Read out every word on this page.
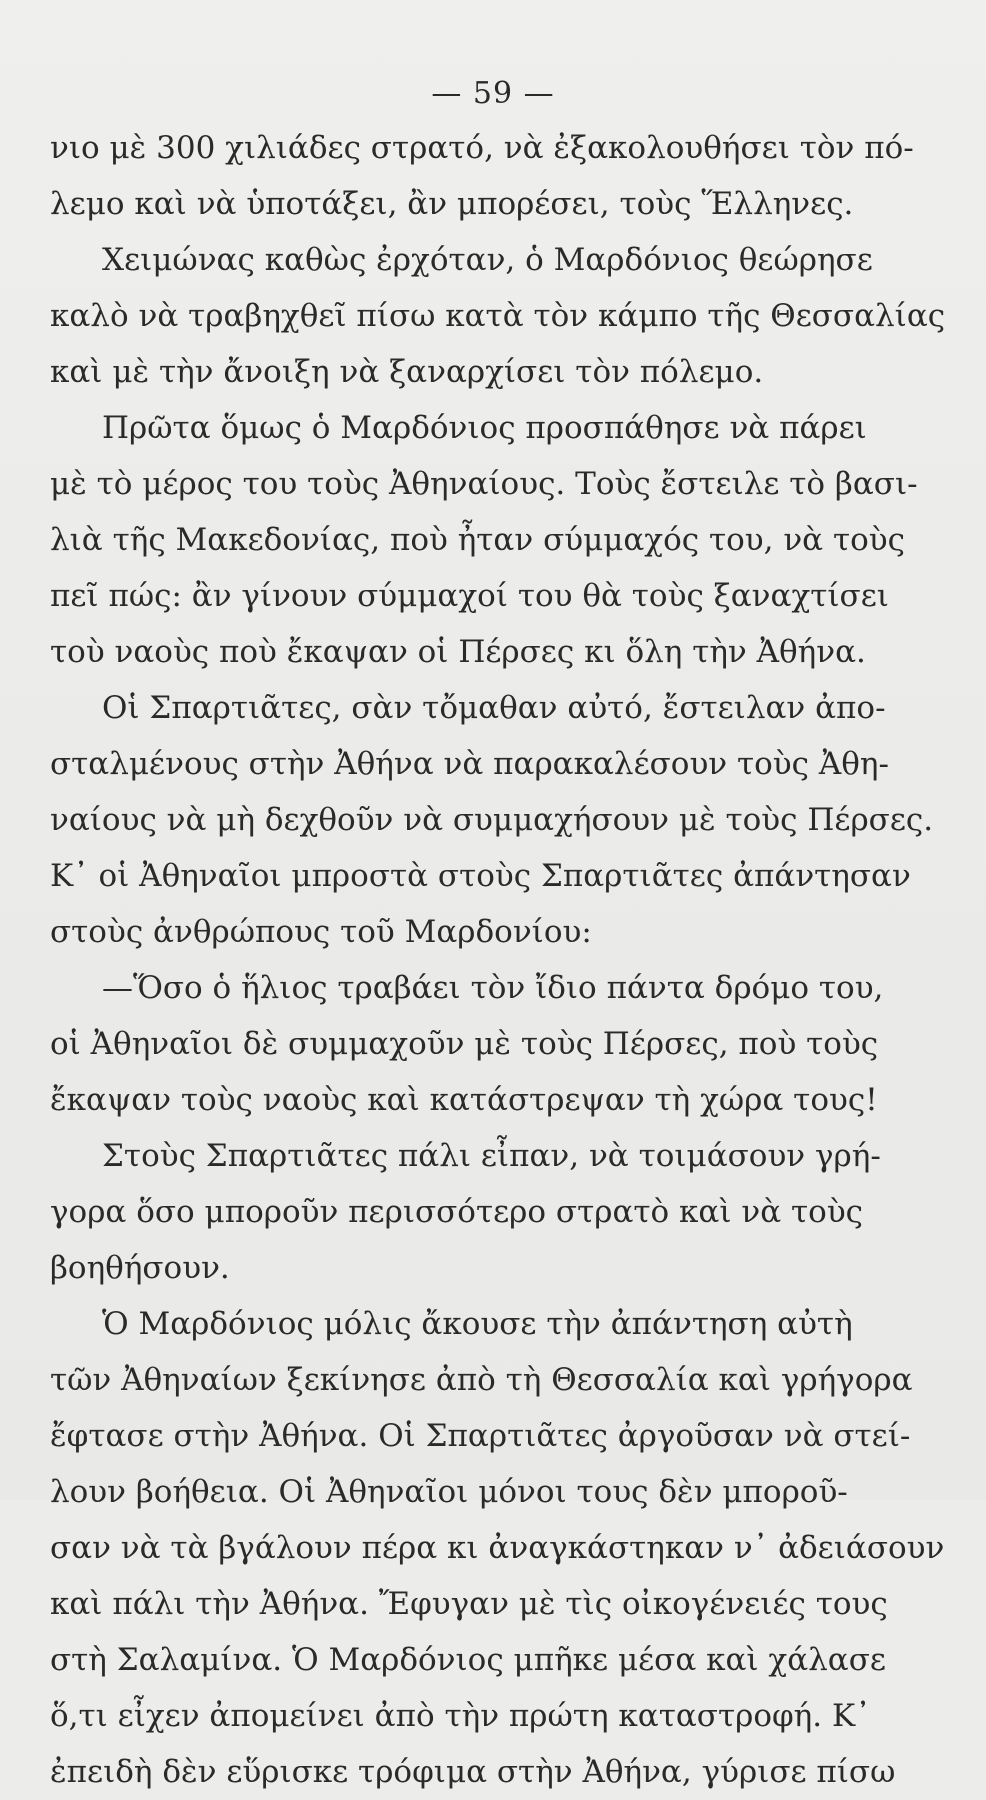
— 59 —
νιο μὲ 300 χιλιάδες στρατό, νὰ ἐξακολουθήσει τὸν πό-
λεμο καὶ νὰ ὑποτάξει, ἂν μπορέσει, τοὺς Ἕλληνες.
Χειμώνας καθὼς ἐρχόταν, ὁ Μαρδόνιος θεώρησε
καλὸ νὰ τραβηχθεῖ πίσω κατὰ τὸν κάμπο τῆς Θεσσαλίας
καὶ μὲ τὴν ἄνοιξη νὰ ξαναρχίσει τὸν πόλεμο.
Πρῶτα ὅμως ὁ Μαρδόνιος προσπάθησε νὰ πάρει
μὲ τὸ μέρος του τοὺς Ἀθηναίους. Τοὺς ἔστειλε τὸ βασι-
λιὰ τῆς Μακεδονίας, ποὺ ἦταν σύμμαχός του, νὰ τοὺς
πεῖ πώς: ἂν γίνουν σύμμαχοί του θὰ τοὺς ξαναχτίσει
τοὺ ναοὺς ποὺ ἔκαψαν οἱ Πέρσες κι ὅλη τὴν Ἀθήνα.
Οἱ Σπαρτιᾶτες, σὰν τὄμαθαν αὐτό, ἔστειλαν ἀπο-
σταλμένους στὴν Ἀθήνα νὰ παρακαλέσουν τοὺς Ἀθη-
ναίους νὰ μὴ δεχθοῦν νὰ συμμαχήσουν μὲ τοὺς Πέρσες.
Κ᾽ οἱ Ἀθηναῖοι μπροστὰ στοὺς Σπαρτιᾶτες ἀπάντησαν
στοὺς ἀνθρώπους τοῦ Μαρδονίου:
—Ὅσο ὁ ἥλιος τραβάει τὸν ἴδιο πάντα δρόμο του,
οἱ Ἀθηναῖοι δὲ συμμαχοῦν μὲ τοὺς Πέρσες, ποὺ τοὺς
ἔκαψαν τοὺς ναοὺς καὶ κατάστρεψαν τὴ χώρα τους!
Στοὺς Σπαρτιᾶτες πάλι εἶπαν, νὰ τοιμάσουν γρή-
γορα ὅσο μποροῦν περισσότερο στρατὸ καὶ νὰ τοὺς
βοηθήσουν.
Ὁ Μαρδόνιος μόλις ἄκουσε τὴν ἀπάντηση αὐτὴ
τῶν Ἀθηναίων ξεκίνησε ἀπὸ τὴ Θεσσαλία καὶ γρήγορα
ἔφτασε στὴν Ἀθήνα. Οἱ Σπαρτιᾶτες ἀργοῦσαν νὰ στεί-
λουν βοήθεια. Οἱ Ἀθηναῖοι μόνοι τους δὲν μποροῦ-
σαν νὰ τὰ βγάλουν πέρα κι ἀναγκάστηκαν ν᾽ ἀδειάσουν
καὶ πάλι τὴν Ἀθήνα. Ἔφυγαν μὲ τὶς οἰκογένειές τους
στὴ Σαλαμίνα. Ὁ Μαρδόνιος μπῆκε μέσα καὶ χάλασε
ὅ,τι εἶχεν ἀπομείνει ἀπὸ τὴν πρώτη καταστροφή. Κ᾽
ἐπειδὴ δὲν εὕρισκε τρόφιμα στὴν Ἀθήνα, γύρισε πίσω
